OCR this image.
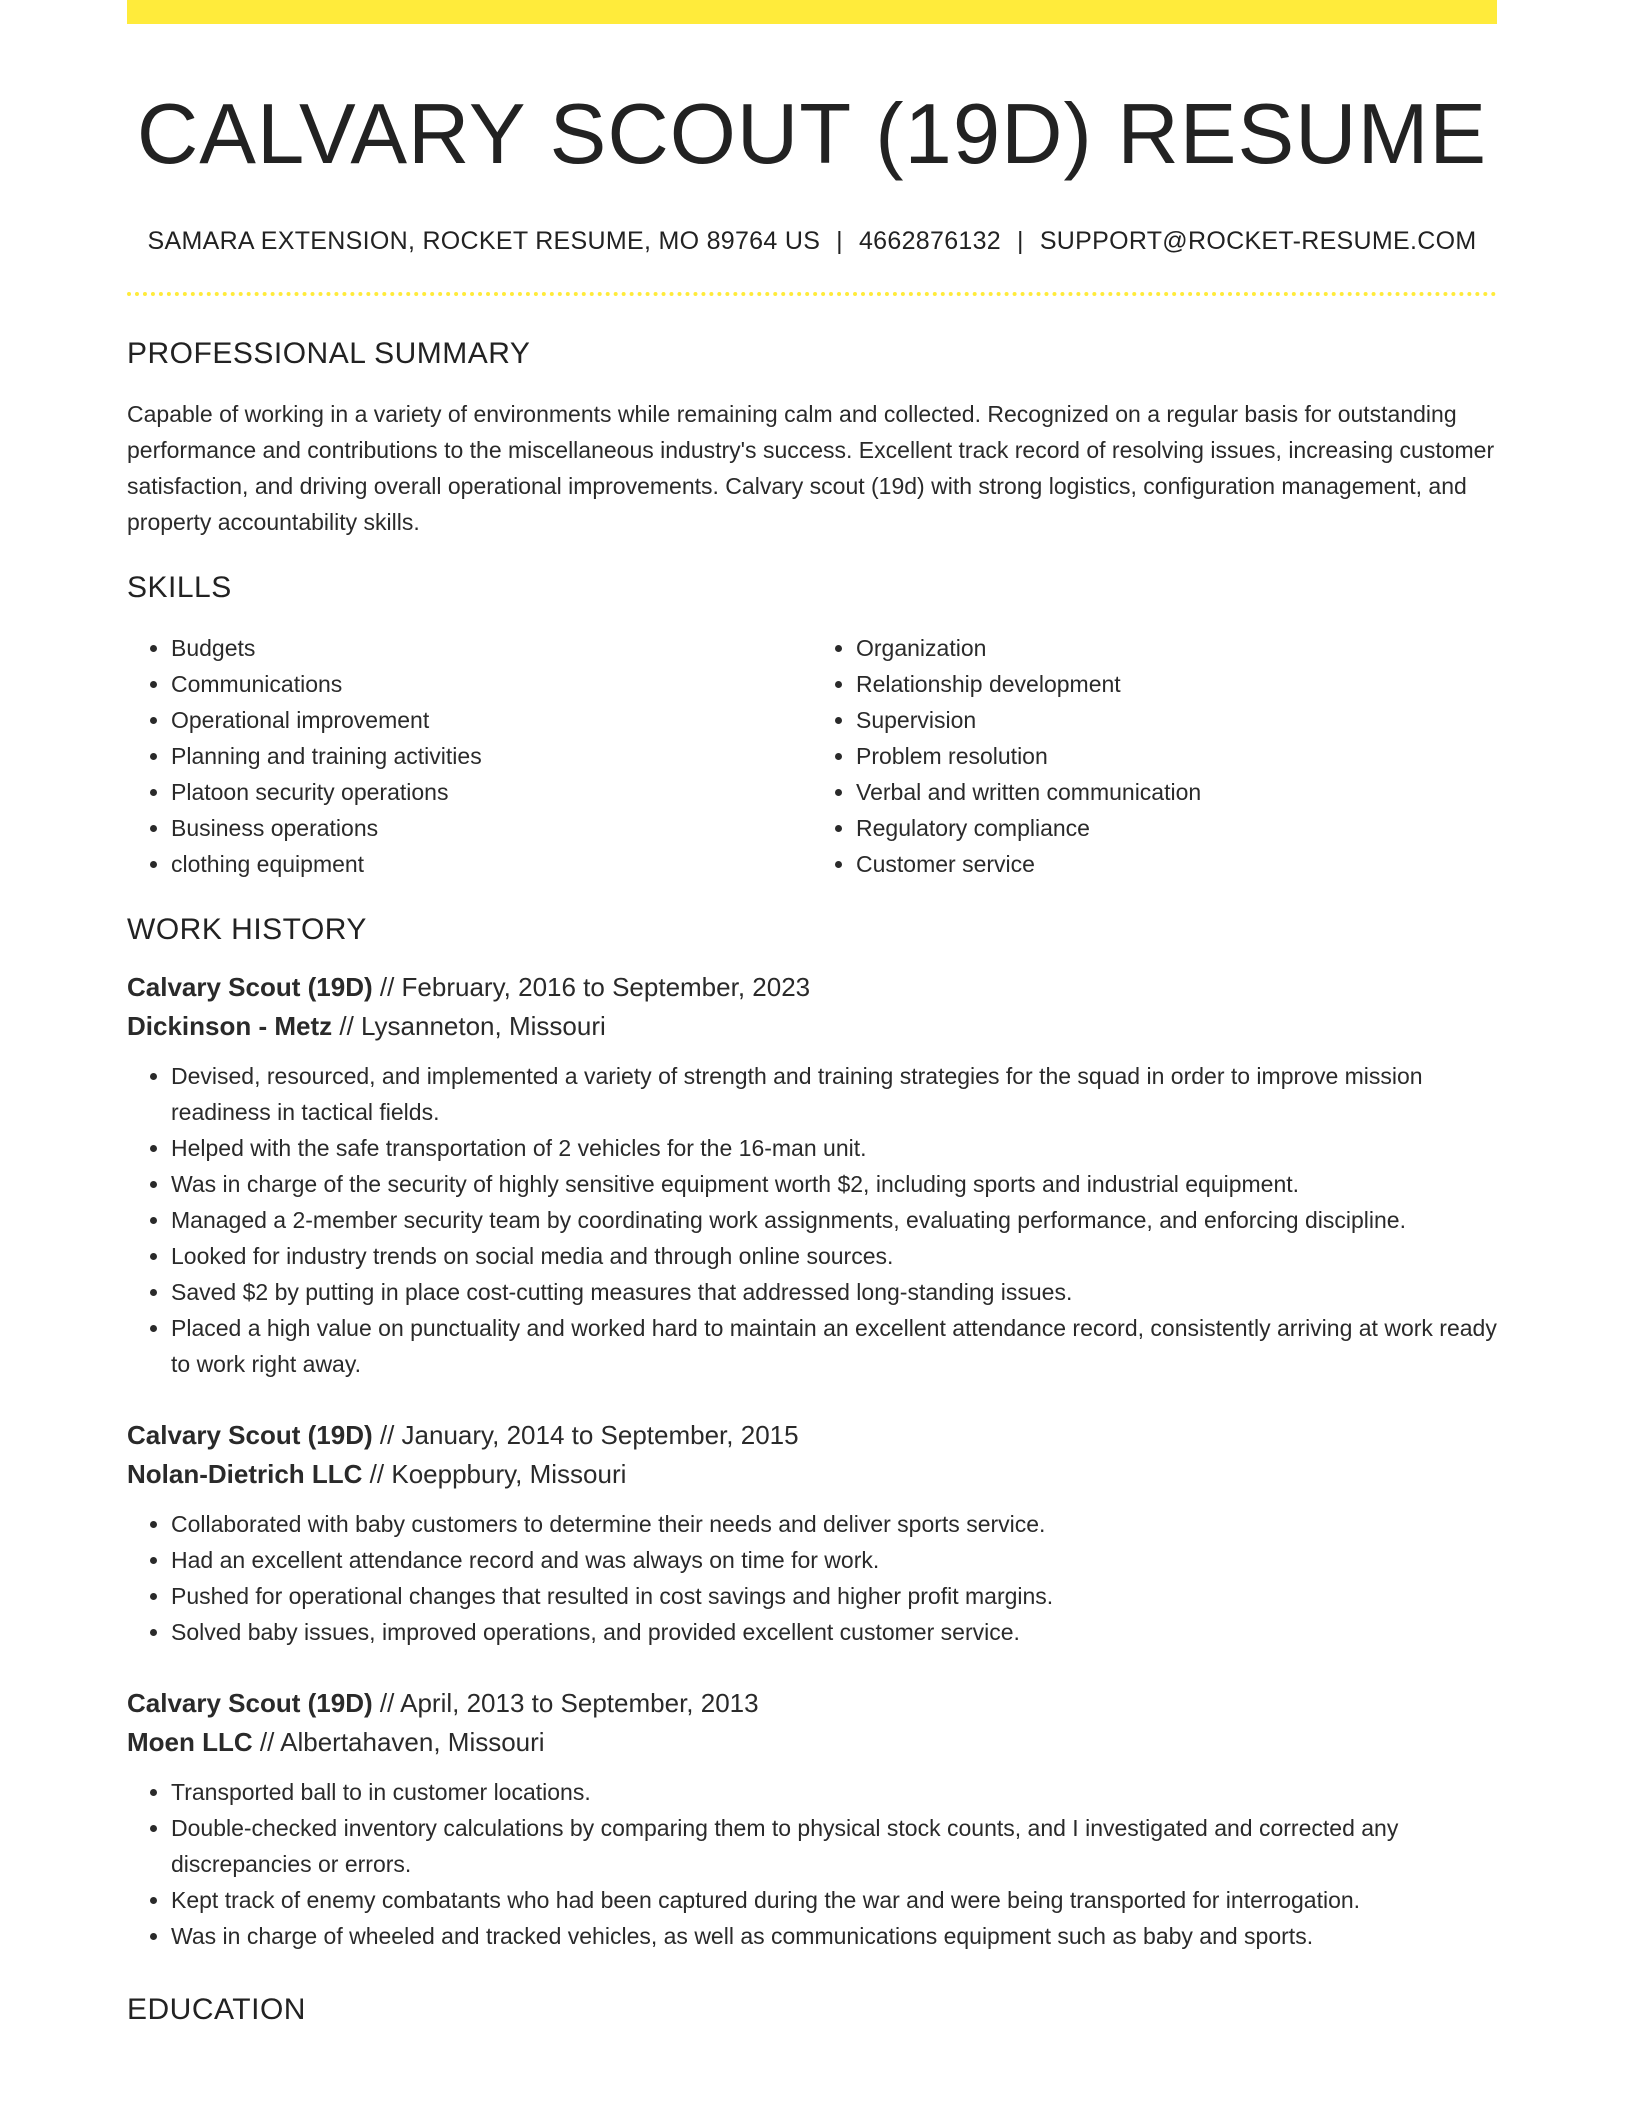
CALVARY SCOUT (19D) RESUME
SAMARA EXTENSION, ROCKET RESUME, MO 89764 US | 4662876132 | SUPPORT@ROCKET-RESUME.COM
PROFESSIONAL SUMMARY

Capable of working in a variety of environments while remaining calm and collected. Recognized on a regular basis for outstanding performance and contributions to the miscellaneous industry's success. Excellent track record of resolving issues, increasing customer satisfaction, and driving overall operational improvements. Calvary scout (19d) with strong logistics, configuration management, and property accountability skills.

SKILLS
• Budgets
• Communications
• Operational improvement
• Planning and training activities
• Platoon security operations
• Business operations
• clothing equipment
• Organization
• Relationship development
• Supervision
• Problem resolution
• Verbal and written communication
• Regulatory compliance
• Customer service
WORK HISTORY
Calvary Scout (19D) // February, 2016 to September, 2023
Dickinson - Metz // Lysanneton, Missouri
• Devised, resourced, and implemented a variety of strength and training strategies for the squad in order to improve mission readiness in tactical fields.
• Helped with the safe transportation of 2 vehicles for the 16-man unit.
• Was in charge of the security of highly sensitive equipment worth $2, including sports and industrial equipment.
• Managed a 2-member security team by coordinating work assignments, evaluating performance, and enforcing discipline.
• Looked for industry trends on social media and through online sources.
• Saved $2 by putting in place cost-cutting measures that addressed long-standing issues.
• Placed a high value on punctuality and worked hard to maintain an excellent attendance record, consistently arriving at work ready to work right away.
Calvary Scout (19D) // January, 2014 to September, 2015
Nolan-Dietrich LLC // Koeppbury, Missouri
• Collaborated with baby customers to determine their needs and deliver sports service.
• Had an excellent attendance record and was always on time for work.
• Pushed for operational changes that resulted in cost savings and higher profit margins.
• Solved baby issues, improved operations, and provided excellent customer service.
Calvary Scout (19D) // April, 2013 to September, 2013
Moen LLC // Albertahaven, Missouri
• Transported ball to in customer locations.
• Double-checked inventory calculations by comparing them to physical stock counts, and I investigated and corrected any discrepancies or errors.
• Kept track of enemy combatants who had been captured during the war and were being transported for interrogation.
• Was in charge of wheeled and tracked vehicles, as well as communications equipment such as baby and sports.
EDUCATION
